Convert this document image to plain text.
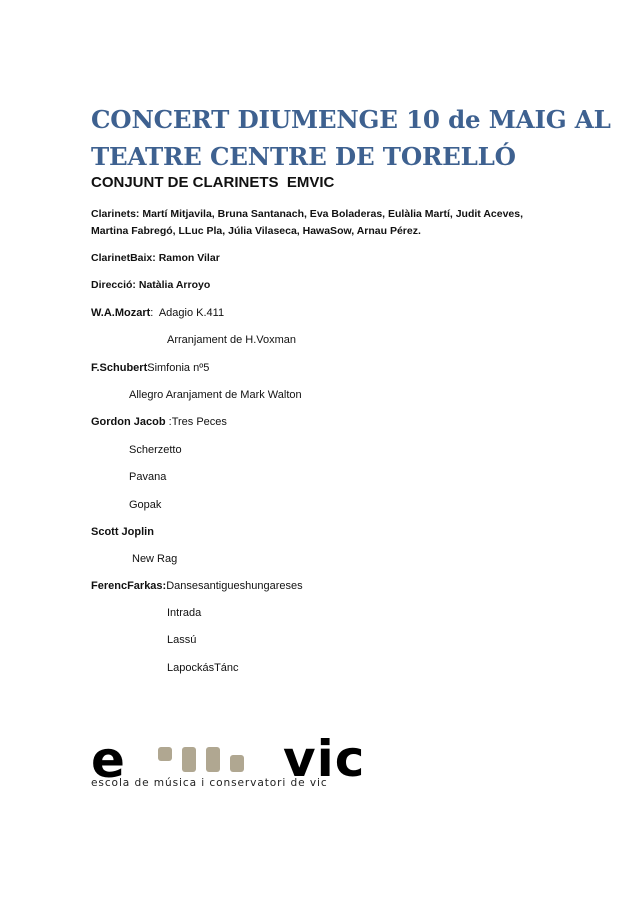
CONCERT DIUMENGE 10 de MAIG AL
TEATRE CENTRE DE TORELLÓ
CONJUNT DE CLARINETS  EMVIC
Clarinets: Martí Mitjavila, Bruna Santanach, Eva Boladeras, Eulàlia Martí, Judit Aceves,
Martina Fabregó, LLuc Pla, Júlia Vilaseca, HawaSow, Arnau Pérez.
ClarinetBaix: Ramon Vilar
Direcció: Natàlia Arroyo
W.A.Mozart:  Adagio K.411
Arranjament de H.Voxman
F.SchubertSimfonia nº5
Allegro Aranjament de Mark Walton
Gordon Jacob :Tres Peces
Scherzetto
Pavana
Gopak
Scott Joplin
New Rag
FerencFarkas:Dansesantigueshungareses
Intrada
Lassú
LapockásTánc
e	vic
escola de música i conservatori de vic
